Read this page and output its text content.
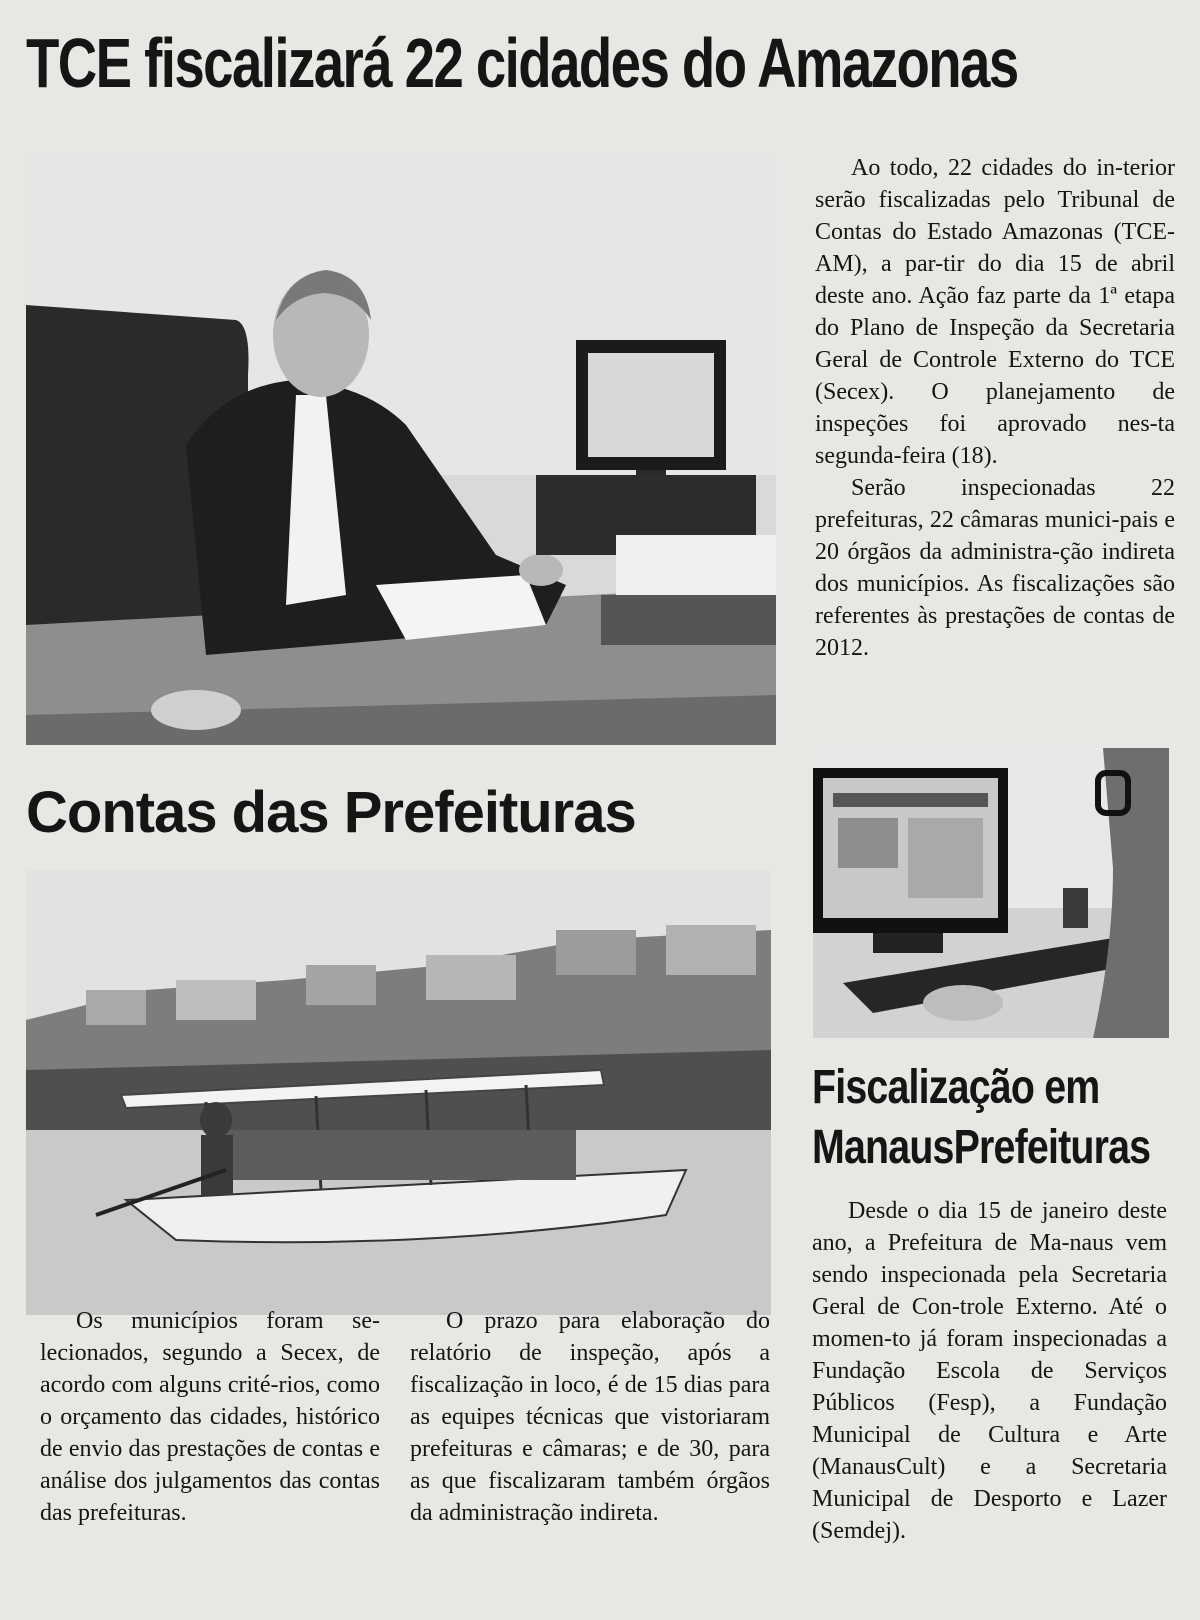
TCE fiscalizará 22 cidades do Amazonas

Ao todo, 22 cidades do in-terior serão fiscalizadas pelo Tribunal de Contas do Estado Amazonas (TCE-AM), a par-tir do dia 15 de abril deste ano. Ação faz parte da 1ª etapa do Plano de Inspeção da Secretaria Geral de Controle Externo do TCE (Secex). O planejamento de inspeções foi aprovado nes-ta segunda-feira (18).

Serão inspecionadas 22 prefeituras, 22 câmaras munici-pais e 20 órgãos da administra-ção indireta dos municípios. As fiscalizações são referentes às prestações de contas de 2012.

Contas das Prefeituras
Fiscalização em
ManausPrefeituras

Os municípios foram se-lecionados, segundo a Secex, de acordo com alguns crité-rios, como o orçamento das cidades, histórico de envio das prestações de contas e análise dos julgamentos das contas das prefeituras.

O prazo para elaboração do relatório de inspeção, após a fiscalização in loco, é de 15 dias para as equipes técnicas que vistoriaram prefeituras e câmaras; e de 30, para as que fiscalizaram também órgãos da administração indireta.

Desde o dia 15 de janeiro deste ano, a Prefeitura de Ma-naus vem sendo inspecionada pela Secretaria Geral de Con-trole Externo. Até o momen-to já foram inspecionadas a Fundação Escola de Serviços Públicos (Fesp), a Fundação Municipal de Cultura e Arte (ManausCult) e a Secretaria Municipal de Desporto e Lazer (Semdej).
